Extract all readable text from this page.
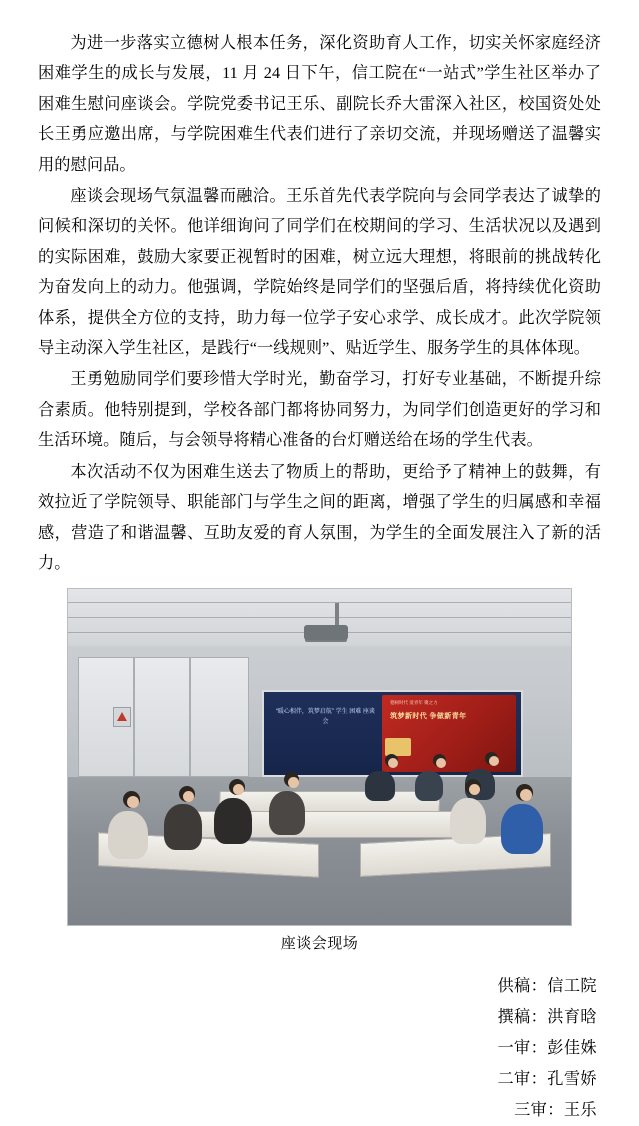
为进一步落实立德树人根本任务，深化资助育人工作，切实关怀家庭经济困难学生的成长与发展，11 月 24 日下午，信工院在“一站式”学生社区举办了困难生慰问座谈会。学院党委书记王乐、副院长乔大雷深入社区，校国资处处长王勇应邀出席，与学院困难生代表们进行了亲切交流，并现场赠送了温馨实用的慰问品。

座谈会现场气氛温馨而融洽。王乐首先代表学院向与会同学表达了诚挚的问候和深切的关怀。他详细询问了同学们在校期间的学习、生活状况以及遇到的实际困难，鼓励大家要正视暂时的困难，树立远大理想，将眼前的挑战转化为奋发向上的动力。他强调，学院始终是同学们的坚强后盾，将持续优化资助体系，提供全方位的支持，助力每一位学子安心求学、成长成才。此次学院领导主动深入学生社区，是践行“一线规则”、贴近学生、服务学生的具体体现。

王勇勉励同学们要珍惜大学时光，勤奋学习，打好专业基础，不断提升综合素质。他特别提到，学校各部门都将协同努力，为同学们创造更好的学习和生活环境。随后，与会领导将精心准备的台灯赠送给在场的学生代表。

本次活动不仅为困难生送去了物质上的帮助，更给予了精神上的鼓舞，有效拉近了学院领导、职能部门与学生之间的距离，增强了学生的归属感和幸福感，营造了和谐温馨、互助友爱的育人氛围，为学生的全面发展注入了新的活力。

德树时代 爱青年 聚之力
筑梦新时代 争做新青年
“暖心相伴，筑梦启航” 学生 困难 座谈会
座谈会现场
供稿：信工院
撰稿：洪育晗
一审：彭佳姝
二审：孔雪娇
三审：王乐
